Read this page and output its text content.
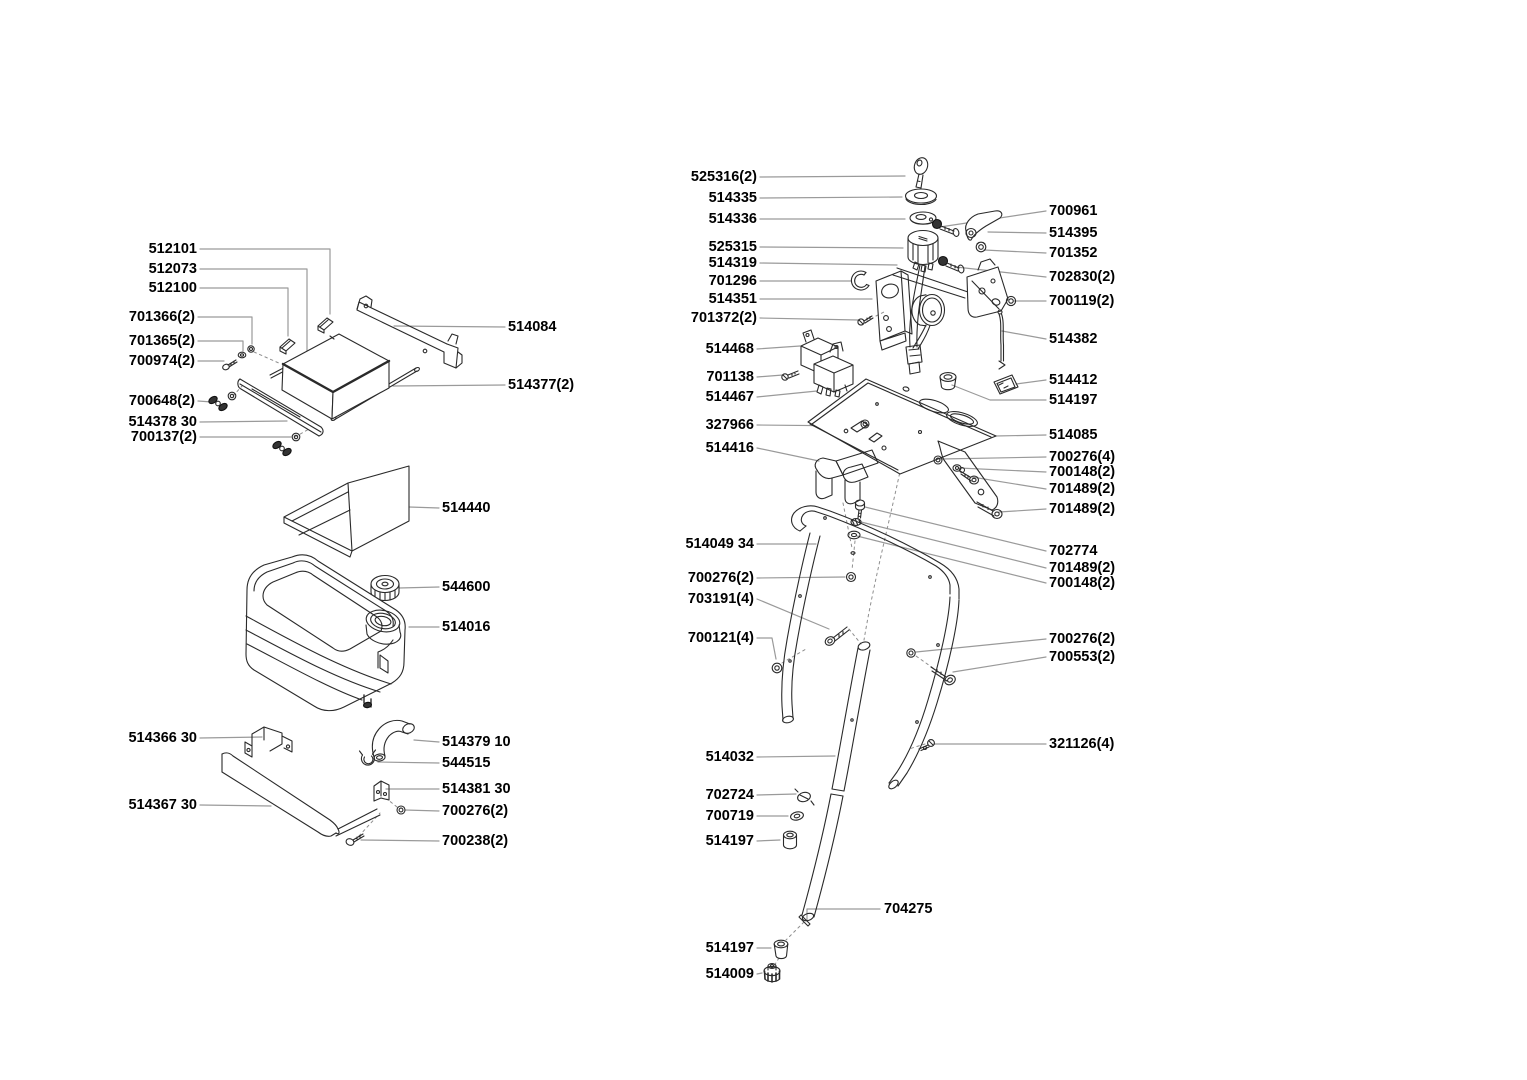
512101
512073
512100
701366(2)
701365(2)
700974(2)
700648(2)
514378 30
700137(2)
514084
514377(2)
514440
544600
514016
514366 30	514379 10
544515
514381 30
700276(2)
514367 30
700238(2)
525316(2)
514335
514336
525315
514319
701296
514351
701372(2)
514468
701138
514467
327966
514416
514049 34
700276(2)
703191(4)
700121(4)
514032
702724
700719
514197
704275
514197
514009
700961
514395
701352
702830(2)
700119(2)
514382
514412
514197
514085
700276(4)
700148(2)
701489(2)
701489(2)
702774
701489(2)
700148(2)
700276(2)
700553(2)
321126(4)
